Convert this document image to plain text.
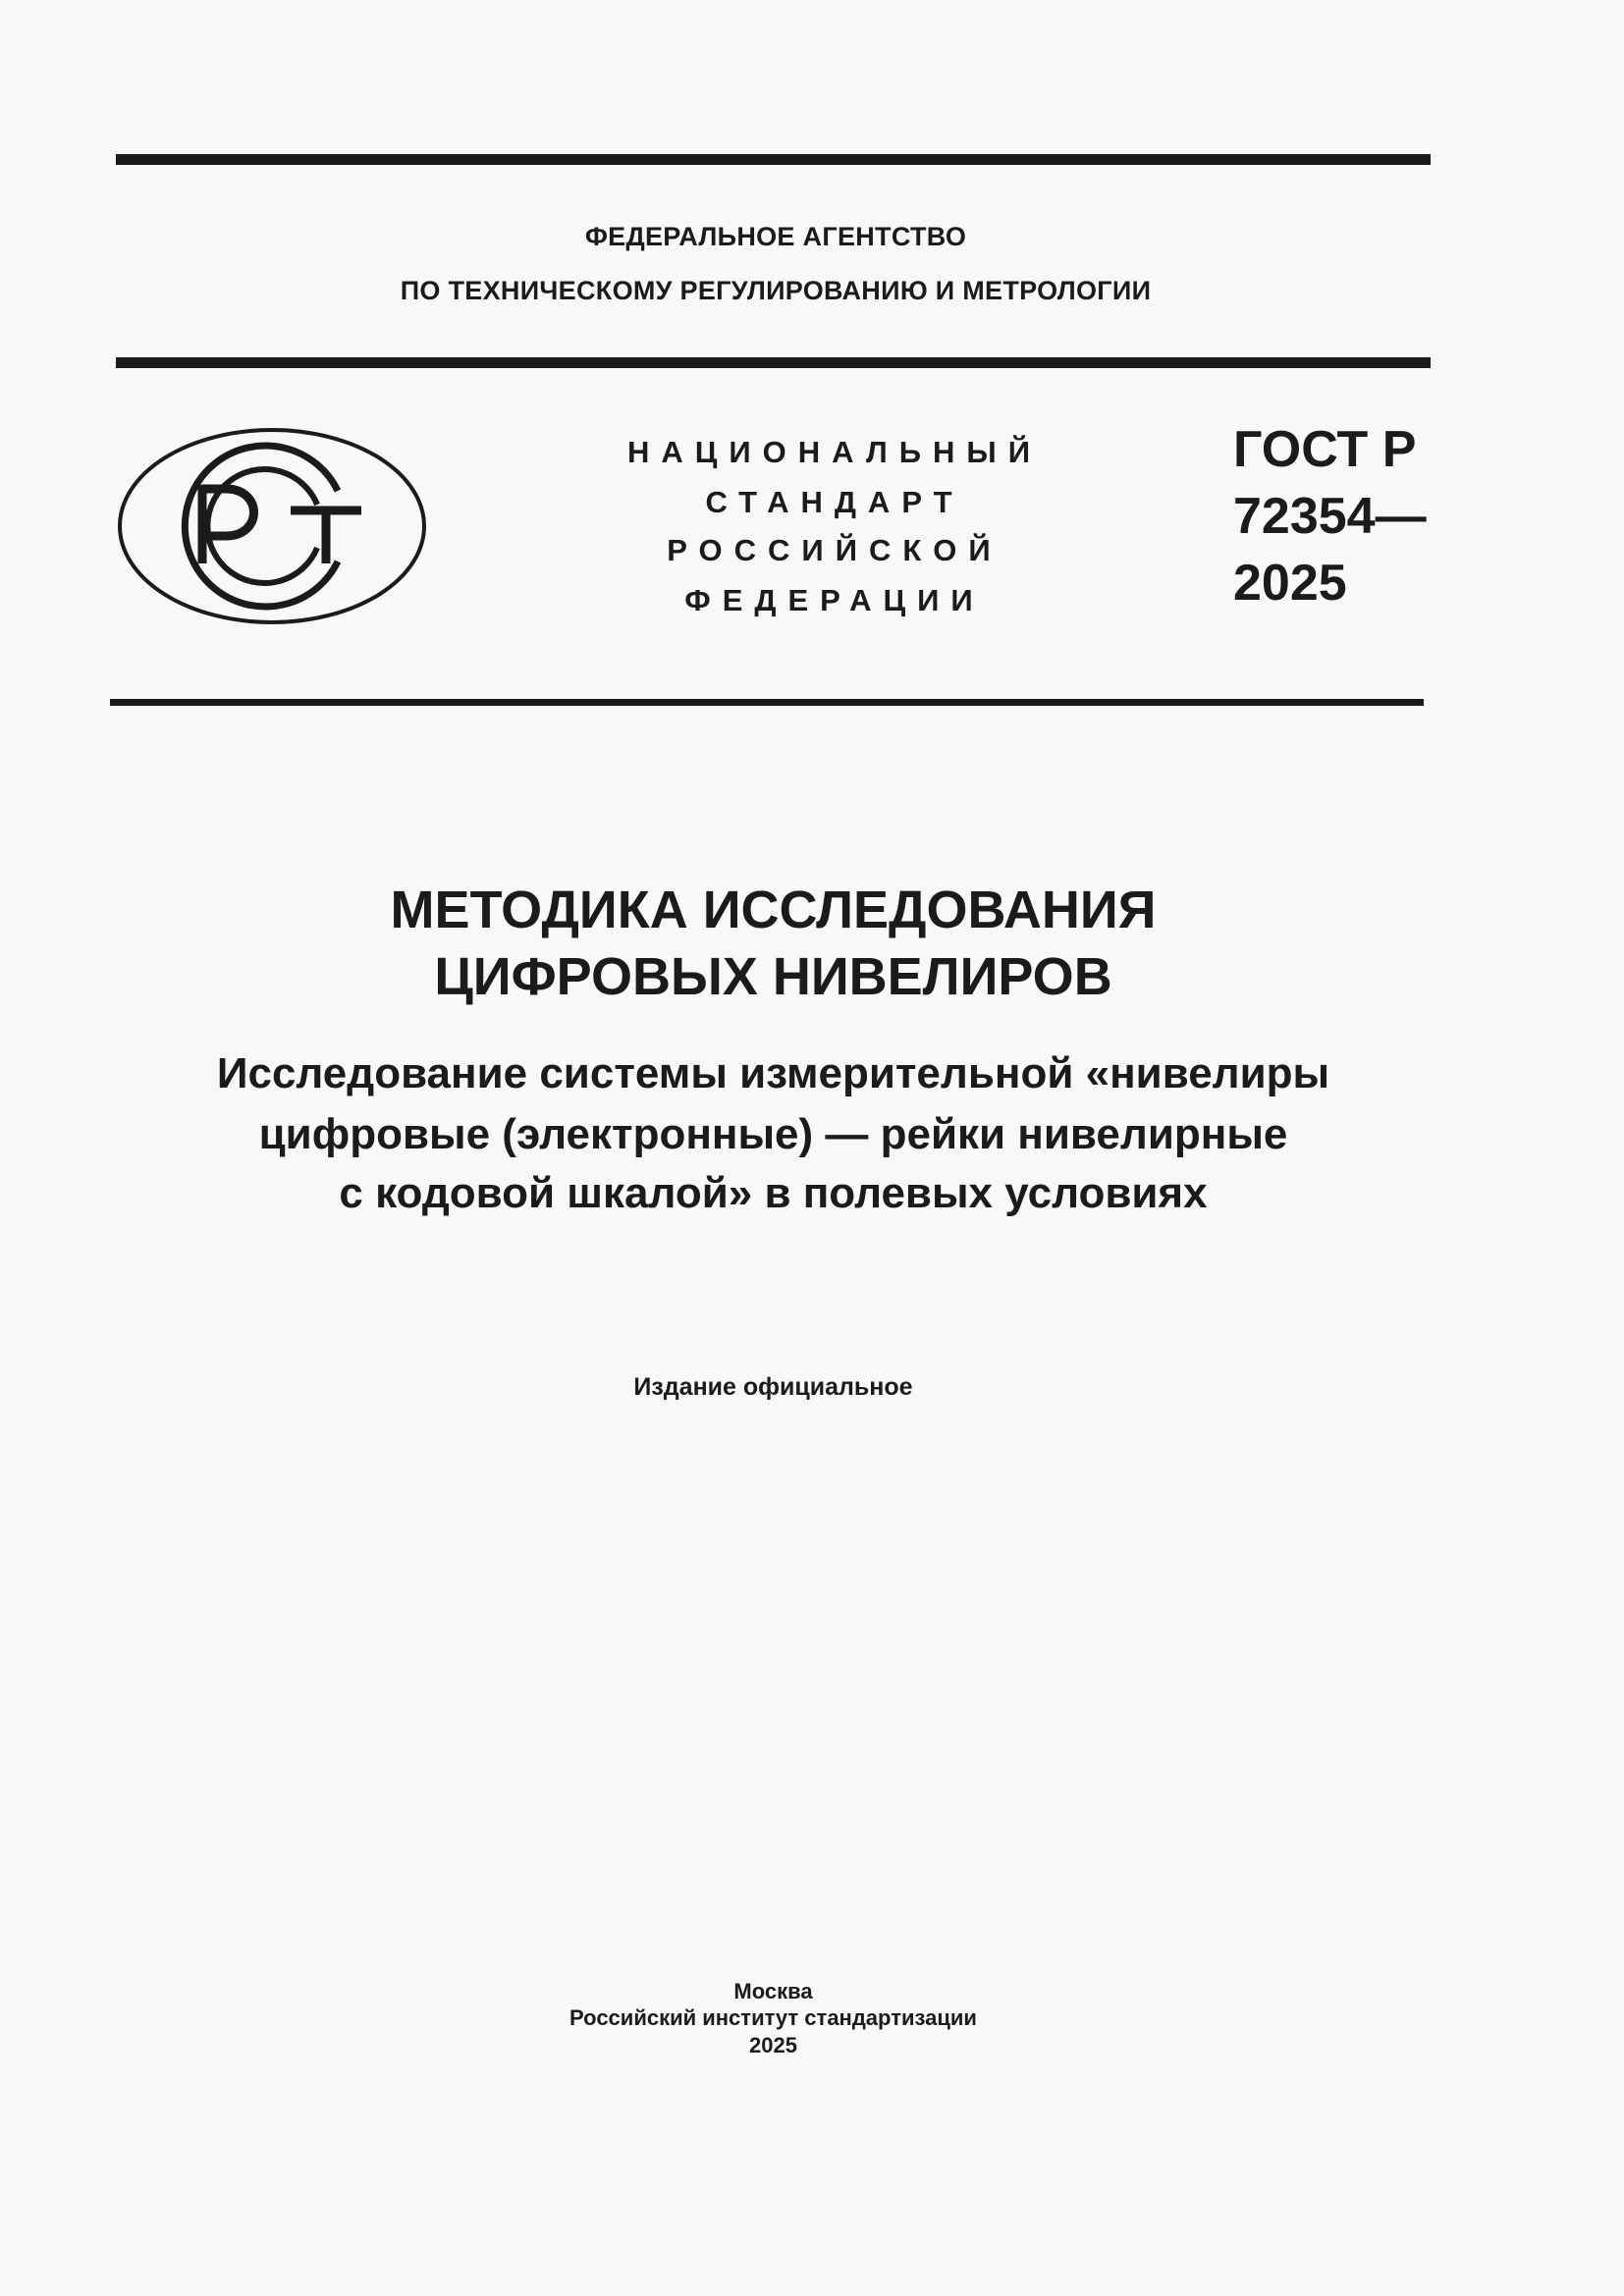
ФЕДЕРАЛЬНОЕ АГЕНТСТВО
ПО ТЕХНИЧЕСКОМУ РЕГУЛИРОВАНИЮ И МЕТРОЛОГИИ
НАЦИОНАЛЬНЫЙ
СТАНДАРТ
РОССИЙСКОЙ
ФЕДЕРАЦИИ
ГОСТ Р
72354—
2025
МЕТОДИКА ИССЛЕДОВАНИЯ
ЦИФРОВЫХ НИВЕЛИРОВ
Исследование системы измерительной «нивелиры
цифровые (электронные) — рейки нивелирные
с кодовой шкалой» в полевых условиях
Издание официальное
Москва
Российский институт стандартизации
2025
